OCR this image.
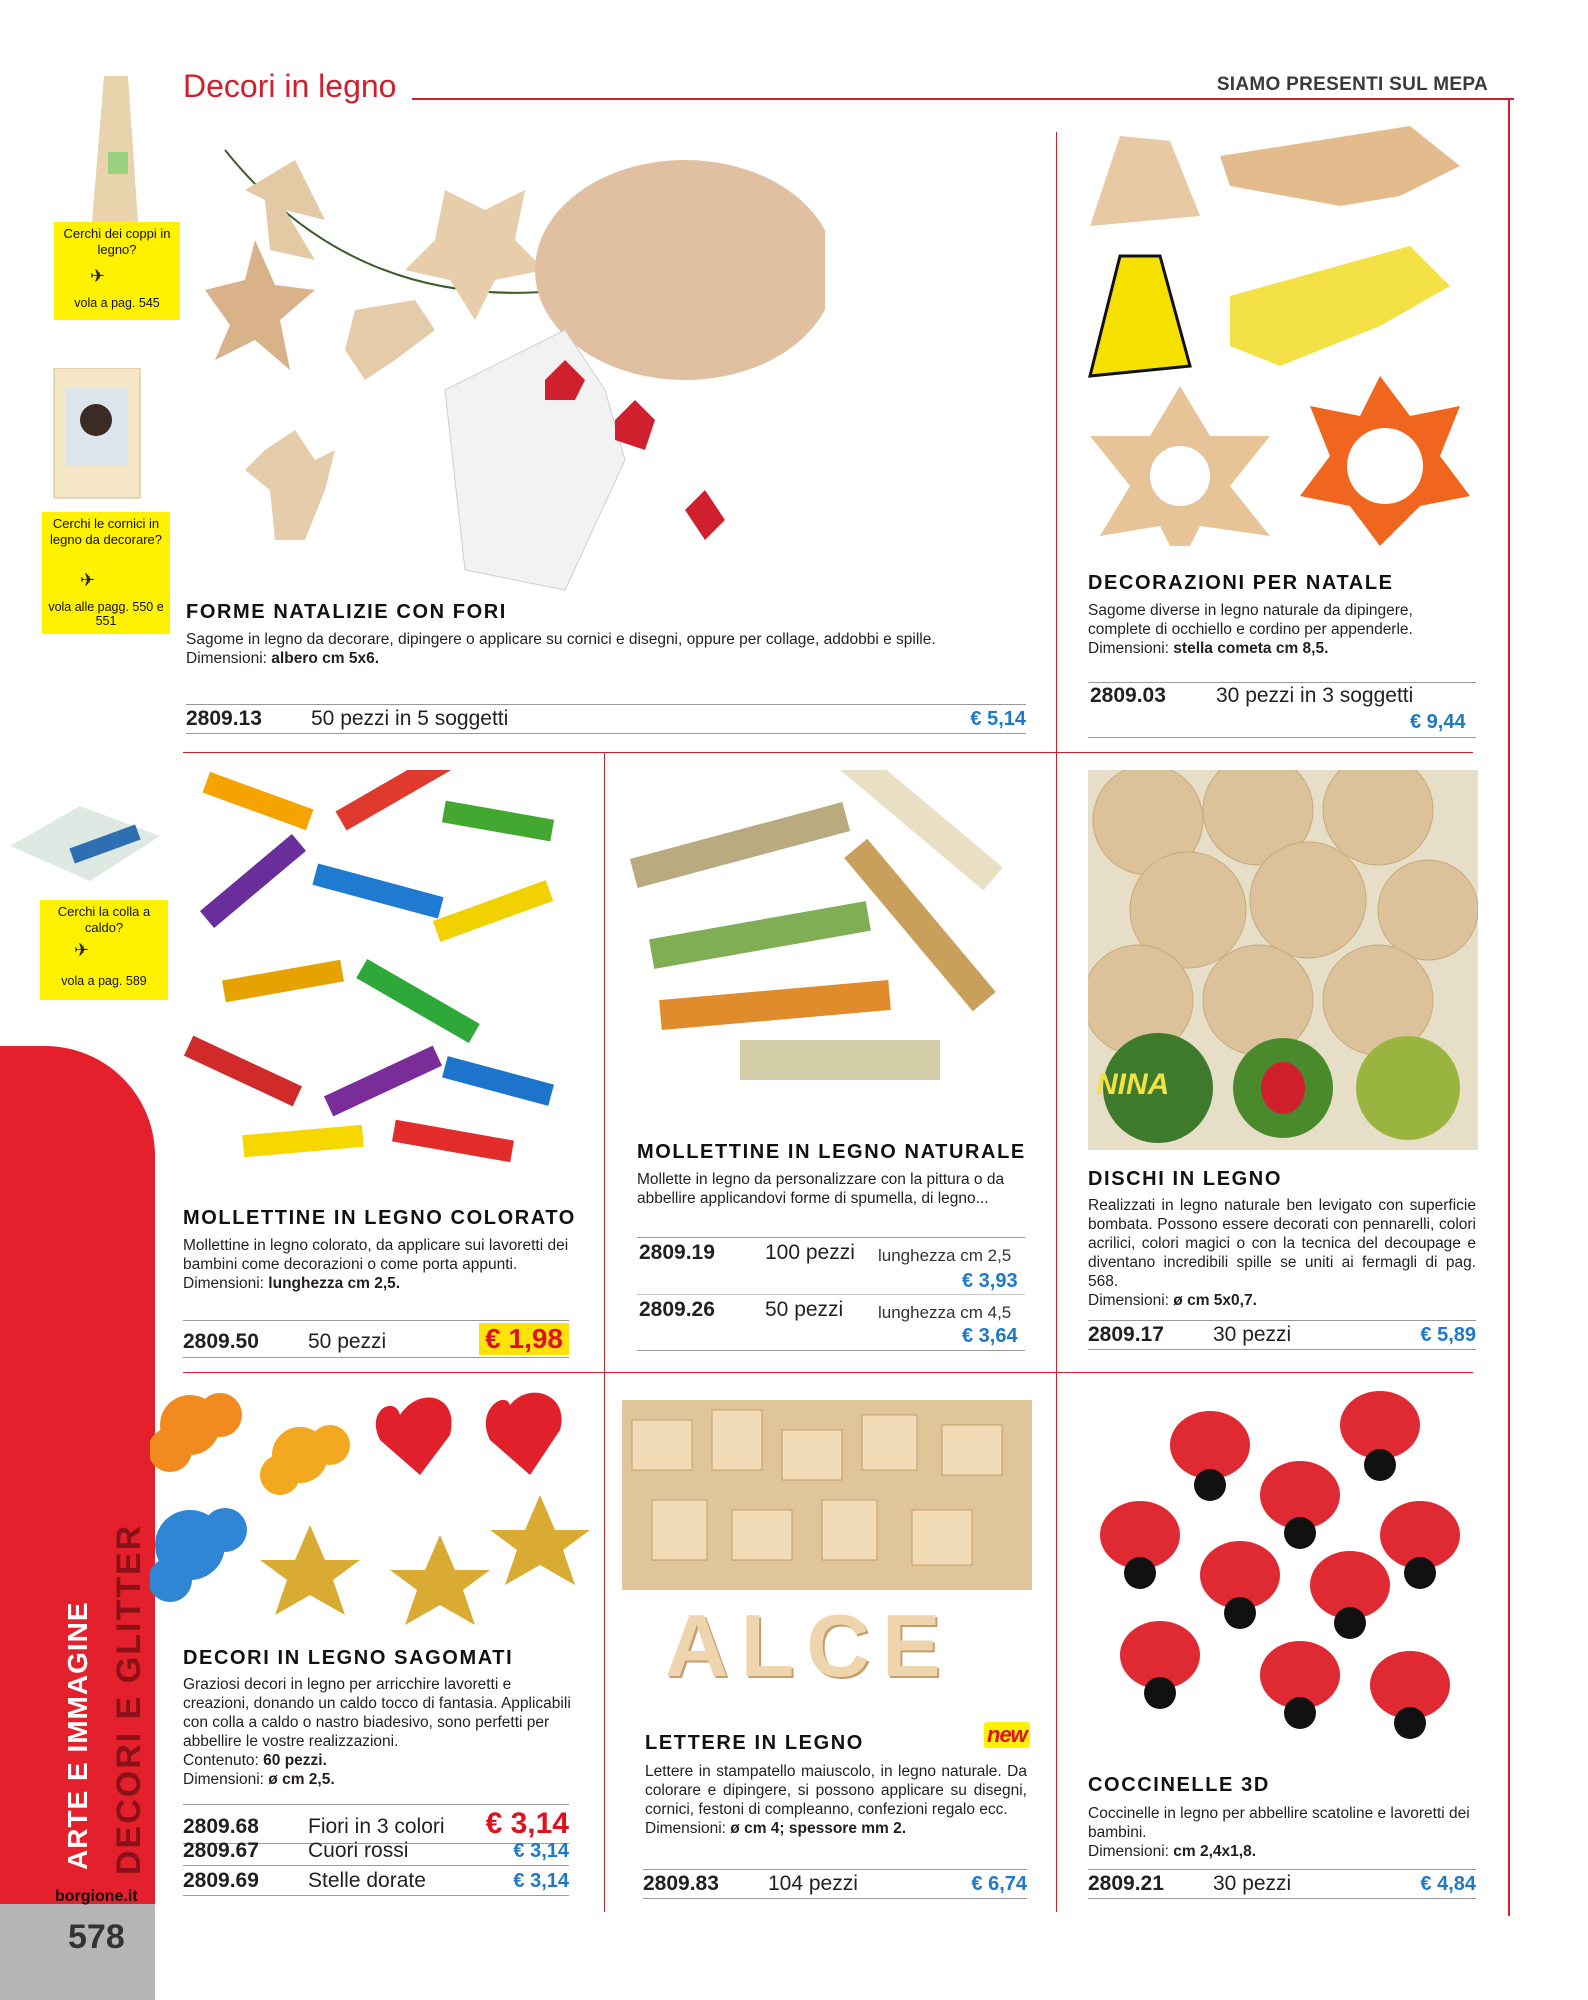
Decori in legno	SIAMO PRESENTI SUL MEPA
Cerchi dei coppi in legno?
vola a pag. 545
✈
Cerchi le cornici in legno da decorare?
vola alle pagg. 550 e 551
✈
Cerchi la colla a caldo?
vola a pag. 589
✈
ARTE E IMMAGINE DECORI E GLITTER
borgione.it
578
NINA
ALCE
FORME NATALIZIE CON FORI
Sagome in legno da decorare, dipingere o applicare su cornici e disegni, oppure per collage, addobbi e spille.
Dimensioni: albero cm 5x6.
2809.13	50 pezzi in 5 soggetti	€ 5,14
DECORAZIONI PER NATALE
Sagome diverse in legno naturale da dipingere, complete di occhiello e cordino per appenderle.
Dimensioni: stella cometa cm 8,5.
2809.03 30 pezzi in 3 soggetti
€ 9,44
MOLLETTINE IN LEGNO COLORATO
Mollettine in legno colorato, da applicare sui lavoretti dei bambini come decorazioni o come porta appunti.
Dimensioni: lunghezza cm 2,5.
2809.50	50 pezzi	€ 1,98
MOLLETTINE IN LEGNO NATURALE
Mollette in legno da personalizzare con la pittura o da abbellire applicandovi forme di spumella, di legno...
2809.19 100 pezzi lunghezza cm 2,5
€ 3,93
2809.26 50 pezzi lunghezza cm 4,5
€ 3,64
DISCHI IN LEGNO
Realizzati in legno naturale ben levigato con superficie bombata. Possono essere decorati con pennarelli, colori acrilici, colori magici o con la tecnica del decoupage e diventano incredibili spille se uniti ai fermagli di pag. 568.
Dimensioni: ø cm 5x0,7.
2809.17	30 pezzi	€ 5,89
DECORI IN LEGNO SAGOMATI
Graziosi decori in legno per arricchire lavoretti e creazioni, donando un caldo tocco di fantasia. Applicabili con colla a caldo o nastro biadesivo, sono perfetti per abbellire le vostre realizzazioni.
Contenuto: 60 pezzi.
Dimensioni: ø cm 2,5.
2809.68	Fiori in 3 colori	€ 3,14
2809.67	Cuori rossi	€ 3,14
2809.69	Stelle dorate	€ 3,14
LETTERE IN LEGNO	new
Lettere in stampatello maiuscolo, in legno naturale. Da colorare e dipingere, si possono applicare su disegni, cornici, festoni di compleanno, confezioni regalo ecc.
Dimensioni: ø cm 4; spessore mm 2.
2809.83	104 pezzi	€ 6,74
COCCINELLE 3D
Coccinelle in legno per abbellire scatoline e lavoretti dei bambini.
Dimensioni: cm 2,4x1,8.
2809.21	30 pezzi	€ 4,84
